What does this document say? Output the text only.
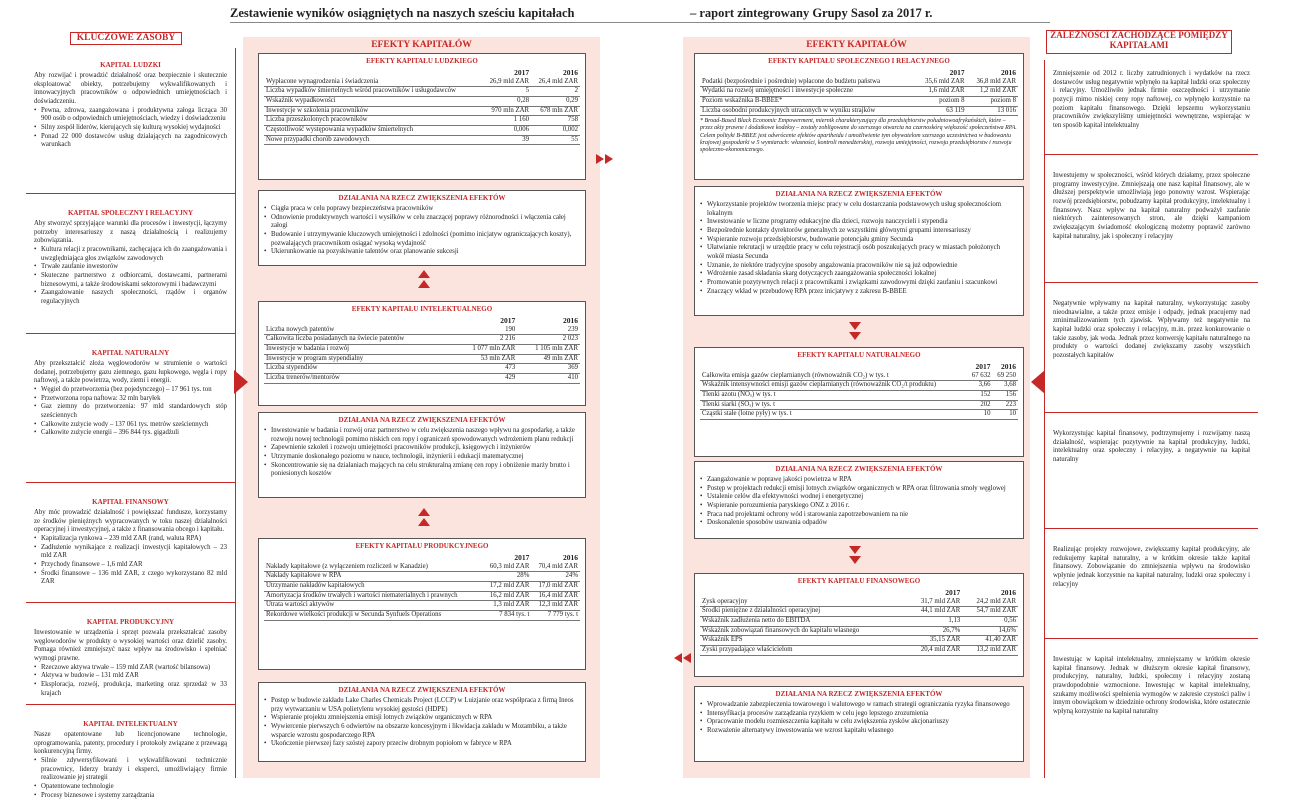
Zestawienie wyników osiągniętych na naszych sześciu kapitałach	– raport zintegrowany Grupy Sasol za 2017 r.
KLUCZOWE ZASOBY
KAPITAŁ LUDZKI
Aby rozwijać i prowadzić działalność oraz bezpiecznie i skutecznie eksploatować obiekty, potrzebujemy wykwalifikowanych i innowacyjnych pracowników o odpowiednich umiejętnościach i doświadczeniu.
• Pewna, zdrowa, zaangażowana i produktywna załoga licząca 30 900 osób o odpowiednich umiejętnościach, wiedzy i doświadczeniu
• Silny zespół liderów, kierujących się kulturą wysokiej wydajności
• Ponad 22 000 dostawców usług działających na zagodnicowych warunkach
KAPITAŁ SPOŁECZNY I RELACYJNY
Aby stworzyć sprzyjające warunki dla procesów i inwestycji, łączymy potrzeby interesariuszy z naszą działalnością i realizujemy zobowiązania.
• Kultura relacji z pracownikami, zachęcająca ich do zaangażowania i uwzględniająca głos związków zawodowych
• Trwałe zaufanie inwestorów
• Skuteczne partnerstwo z odbiorcami, dostawcami, partnerami biznesowymi, a także środowiskami sektorowymi i badawczymi
• Zaangażowanie naszych społeczności, rządów i organów regulacyjnych
KAPITAŁ NATURALNY
Aby przekształcić złoża węglowodorów w strumienie o wartości dodanej, potrzebujemy gazu ziemnego, gazu łupkowego, węgla i ropy naftowej, a także powietrza, wody, ziemi i energii.
• Węgiel do przetworzenia (bez pojedynczego) – 17 961 tys. ton
• Przetworzona ropa naftowa: 32 mln baryłek
• Gaz ziemny do przetworzenia: 97 mld standardowych stóp sześciennych
• Całkowite zużycie wody – 137 061 tys. metrów sześciennych
• Całkowite zużycie energii – 396 844 tys. gigadżuli
KAPITAŁ FINANSOWY
Aby móc prowadzić działalność i powiększać fundusze, korzystamy ze środków pieniężnych wypracowanych w toku naszej działalności operacyjnej i inwestycyjnej, a także z finansowania obcego i kapitału.
• Kapitalizacja rynkowa – 239 mld ZAR (rand, waluta RPA)
• Zadłużenie wynikające z realizacji inwestycji kapitałowych – 23 mld ZAR
• Przychody finansowe – 1,6 mld ZAR
• Środki finansowe – 136 mld ZAR, z czego wykorzystano 82 mld ZAR
KAPITAŁ PRODUKCYJNY
Inwestowanie w urządzenia i sprzęt pozwala przekształcać zasoby węglowodorów w produkty o wysokiej wartości oraz dzielić zasoby. Pomaga również zmniejszyć nasz wpływ na środowisko i spełniać wymogi prawne.
• Rzeczowe aktywa trwałe – 159 mld ZAR (wartość bilansowa)
• Aktywa w budowie – 131 mld ZAR
• Eksploracja, rozwój, produkcja, marketing oraz sprzedaż w 33 krajach
KAPITAŁ INTELEKTUALNY
Nasze opatentowane lub licencjonowane technologie, oprogramowania, patenty, procedury i protokoły związane z przewagą konkurencyjną firmy.
• Silnie zdywersyfikowani i wykwalifikowani technicznie pracownicy, liderzy branży i eksperci, umożliwiający firmie realizowanie jej strategii
• Opatentowane technologie
• Procesy biznesowe i systemy zarządzania
ZALEŻNOŚCI ZACHODZĄCE POMIĘDZY KAPITAŁAMI
Zmniejszenie od 2012 r. liczby zatrudnionych i wydatków na rzecz dostawców usług negatywnie wpłynęło na kapitał ludzki oraz społeczny i relacyjny. Umożliwiło jednak firmie oszczędności i utrzymanie pozycji mimo niskiej ceny ropy naftowej, co wpłynęło korzystnie na poziom kapitału finansowego. Dzięki lepszemu wykorzystaniu pracowników zwiększyliśmy umiejętności wewnętrzne, wspierając w ten sposób kapitał intelektualny
Inwestujemy w społeczności, wśród których działamy, przez społeczne programy inwestycyjne. Zmniejszają one nasz kapitał finansowy, ale w dłuższej perspektywie umożliwiają jego ponowny wzrost. Wspierając rozwój przedsiębiorstw, pobudzamy kapitał produkcyjny, intelektualny i finansowy. Nasz wpływ na kapitał naturalny podważył zaufanie niektórych zainteresowanych stron, ale dzięki kampaniom zwiększającym świadomość ekologiczną możemy poprawić zarówno kapitał naturalny, jak i społeczny i relacyjny
Negatywnie wpływamy na kapitał naturalny, wykorzystując zasoby nieodnawialne, a także przez emisje i odpady, jednak pracujemy nad zminimalizowaniem tych zjawisk. Wpływamy też negatywnie na kapitał ludzki oraz społeczny i relacyjny, m.in. przez konkurowanie o takie zasoby, jak woda. Jednak przez konwersję kapitału naturalnego na produkty o wartości dodanej zwiększamy zasoby wszystkich pozostałych kapitałów
Wykorzystując kapitał finansowy, podtrzymujemy i rozwijamy naszą działalność, wspierając pozytywnie na kapitał produkcyjny, ludzki, intelektualny oraz społeczny i relacyjny, a negatywnie na kapitał naturalny
Realizując projekty rozwojowe, zwiększamy kapitał produkcyjny, ale redukujemy kapitał naturalny, a w krótkim okresie także kapitał finansowy. Zobowiązanie do zmniejszenia wpływu na środowisko wpłynie jednak korzystnie na kapitał naturalny, ludzki oraz społeczny i relacyjny
Inwestując w kapitał intelektualny, zmniejszamy w krótkim okresie kapitał finansowy. Jednak w dłuższym okresie kapitał finansowy, produkcyjny, naturalny, ludzki, społeczny i relacyjny zostaną prawdopodobnie wzmocnione. Inwestując w kapitał intelektualny, szukamy możliwości spełnienia wymogów w zakresie czystości paliw i innym obowiązkom w dziedzinie ochrony środowiska, które ostatecznie wpłyną korzystnie na kapitał naturalny
EFEKTY KAPITAŁÓW
EFEKTY KAPITAŁU LUDZKIEGO
	2017	2016
Wypłacone wynagrodzenia i świadczenia	26,9 mld ZAR	26,4 mld ZAR
Liczba wypadków śmiertelnych wśród pracowników i usługodawców	5	2
Wskaźnik wypadkowości	0,28	0,29
Inwestycje w szkolenia pracowników	970 mln ZAR	678 mln ZAR
Liczba przeszkolonych pracowników	1 160	758
Częstotliwość występowania wypadków śmiertelnych	0,006	0,002
Nowe przypadki chorób zawodowych	39	55
DZIAŁANIA NA RZECZ ZWIĘKSZENIA EFEKTÓW
• Ciągła praca w celu poprawy bezpieczeństwa pracowników
• Odnowienie produktywnych wartości i wysiłków w celu znaczącej poprawy różnorodności i włączenia całej załogi
• Budowanie i utrzymywanie kluczowych umiejętności i zdolności (pomimo inicjatyw ograniczających koszty), pozwalających pracownikom osiągać wysoką wydajność
• Ukierunkowanie na pozyskiwanie talentów oraz planowanie sukcesji
EFEKTY KAPITAŁU INTELEKTUALNEGO
	2017	2016
Liczba nowych patentów	190	239
Całkowita liczba posiadanych na świecie patentów	2 216	2 023
Inwestycje w badania i rozwój	1 077 mln ZAR	1 105 mln ZAR
Inwestycje w program stypendialny	53 mln ZAR	49 mln ZAR
Liczba stypendiów	473	369
Liczba trenerów/mentorów	429	410
DZIAŁANIA NA RZECZ ZWIĘKSZENIA EFEKTÓW
• Inwestowanie w badania i rozwój oraz partnerstwo w celu zwiększenia naszego wpływu na gospodarkę, a także rozwoju nowej technologii pomimo niskich cen ropy i ograniczeń spowodowanych wdrożeniem planu redukcji
• Zapewnienie szkoleń i rozwoju umiejętności pracowników produkcji, księgowych i inżynierów
• Utrzymanie doskonałego poziomu w nauce, technologii, inżynierii i edukacji matematycznej
• Skoncentrowanie się na działaniach mających na celu strukturalną zmianę cen ropy i obniżenie marży brutto i poniesionych kosztów
EFEKTY KAPITAŁU PRODUKCYJNEGO
	2017	2016
Nakłady kapitałowe (z wyłączeniem rozliczeń w Kanadzie)	60,3 mld ZAR	70,4 mld ZAR
Nakłady kapitałowe w RPA	28%	24%
Utrzymanie nakładów kapitałowych	17,2 mld ZAR	17,0 mld ZAR
Amortyzacja środków trwałych i wartości niematerialnych i prawnych	16,2 mld ZAR	16,4 mld ZAR
Utrata wartości aktywów	1,3 mld ZAR	12,3 mld ZAR
Rekordowe wielkości produkcji w Secunda Synfuels Operations	7 834 tys. t	7 779 tys. t
DZIAŁANIA NA RZECZ ZWIĘKSZENIA EFEKTÓW
• Postęp w budowie zakładu Lake Charles Chemicals Project (LCCP) w Luizjanie oraz współpraca z firmą Ineos przy wytwarzaniu w USA polietylenu wysokiej gęstości (HDPE)
• Wspieranie projektu zmniejszenia emisji lotnych związków organicznych w RPA
• Wywiercenie pierwszych 6 odwiertów na obszarze koncesyjnym i likwidacja zakładu w Mozambiku, a także wsparcie wzrostu gospodarczego RPA
• Ukończenie pierwszej fazy szóstej zapory przeciw drobnym popiołom w fabryce w RPA
EFEKTY KAPITAŁÓW
EFEKTY KAPITAŁU SPOŁECZNEGO I RELACYJNEGO
	2017	2016
Podatki (bezpośrednie i pośrednie) wpłacone do budżetu państwa	35,6 mld ZAR	36,8 mld ZAR
Wydatki na rozwój umiejętności i inwestycje społeczne	1,6 mld ZAR	1,2 mld ZAR
Poziom wskaźnika B-BBEE*	poziom 8	poziom 8
Liczba osobodni produkcyjnych utraconych w wyniku strajków	63 119	13 016
* Broad-Based Black Economic Empowerment, miernik charakteryzujący dla przedsiębiorstw południowoafrykańskich, które – przez akty prawne i dodatkowe kodeksy – zostały zobligowane do szerszego otwarcia na czarnoskórą większość społeczeństwa RPA. Celem polityki B-BBEE jest odwrócenie efektów apartheidu i umożliwienie tym obywatelom szerszego uczestnictwa w budowaniu krajowej gospodarki w 5 wymiarach: własności, kontroli menedżerskiej, rozwoju umiejętności, rozwoju przedsiębiorstw i rozwoju społeczno-ekonomicznego.
DZIAŁANIA NA RZECZ ZWIĘKSZENIA EFEKTÓW
• Wykorzystanie projektów tworzenia miejsc pracy w celu dostarczania podstawowych usług społecznościom lokalnym
• Inwestowanie w liczne programy edukacyjne dla dzieci, rozwoju nauczycieli i stypendia
• Bezpośrednie kontakty dyrektorów generalnych ze wszystkimi głównymi grupami interesariuszy
• Wspieranie rozwoju przedsiębiorstw, budowanie potencjału gminy Secunda
• Ułatwianie rekrutacji w urzędzie pracy w celu rejestracji osób poszukujących pracy w miastach położonych wokół miasta Secunda
• Uznanie, że niektóre tradycyjne sposoby angażowania pracowników nie są już odpowiednie
• Wdrożenie zasad składania skarg dotyczących zaangażowania społeczności lokalnej
• Promowanie pozytywnych relacji z pracownikami i związkami zawodowymi dzięki zaufaniu i szacunkowi
• Znaczący wkład w przebudowę RPA przez inicjatywy z zakresu B-BBEE
EFEKTY KAPITAŁU NATURALNEGO
	2017	2016
Całkowita emisja gazów cieplarnianych (równoważnik CO₂) w tys. t	67 632	69 250
Wskaźnik intensywności emisji gazów cieplarnianych (równoważnik CO₂/t produktu)	3,66	3,68
Tlenki azotu (NOₓ) w tys. t	152	156
Tlenki siarki (SOₓ) w tys. t	202	223
Cząstki stałe (lotne pyły) w tys. t	10	10
DZIAŁANIA NA RZECZ ZWIĘKSZENIA EFEKTÓW
• Zaangażowanie w poprawę jakości powietrza w RPA
• Postęp w projektach redukcji emisji lotnych związków organicznych w RPA oraz filtrowania smoły węglowej
• Ustalenie celów dla efektywności wodnej i energetycznej
• Wspieranie porozumienia paryskiego ONZ z 2016 r.
• Praca nad projektami ochrony wód i starowania zapotrzebowaniem na nie
• Doskonalenie sposobów usuwania odpadów
EFEKTY KAPITAŁU FINANSOWEGO
	2017	2016
Zysk operacyjny	31,7 mld ZAR	24,2 mld ZAR
Środki pieniężne z działalności operacyjnej	44,1 mld ZAR	54,7 mld ZAR
Wskaźnik zadłużenia netto do EBITDA	1,13	0,56
Wskaźnik zobowiązań finansowych do kapitału własnego	26,7%	14,6%
Wskaźnik EPS	35,15 ZAR	41,40 ZAR
Zyski przypadające właścicielom	20,4 mld ZAR	13,2 mld ZAR
DZIAŁANIA NA RZECZ ZWIĘKSZENIA EFEKTÓW
• Wprowadzanie zabezpieczenia towarowego i walutowego w ramach strategii ograniczania ryzyka finansowego
• Intensyfikacja procesów zarządzania ryzykiem w celu jego lepszego zrozumienia
• Opracowanie modelu rozmieszczenia kapitału w celu zwiększenia zysków akcjonariuszy
• Rozważenie alternatywy inwestowania we wzrost kapitału własnego
